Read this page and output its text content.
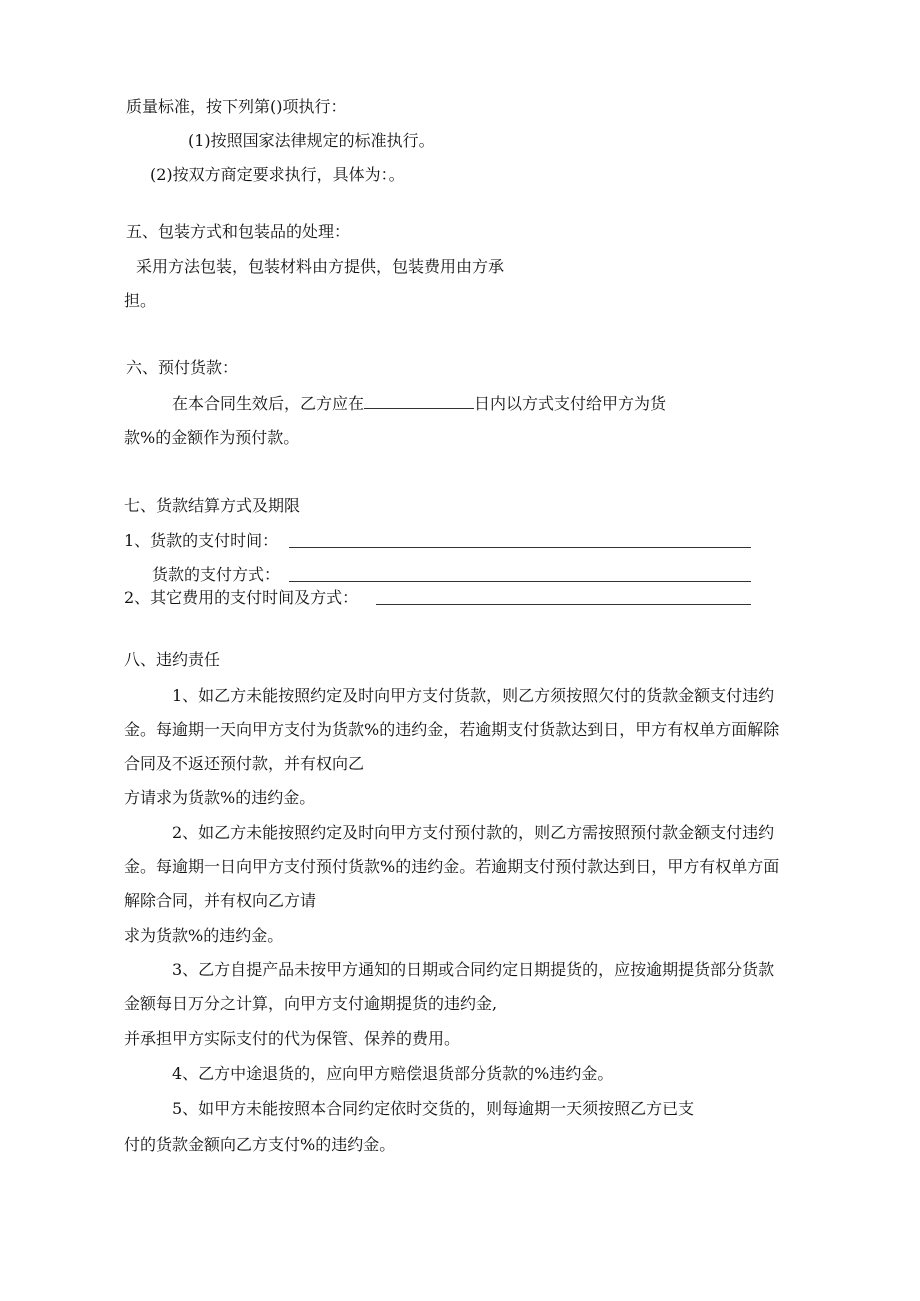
质量标准，按下列第()项执行：
(1)按照国家法律规定的标准执行。
(2)按双方商定要求执行，具体为：。
五、包装方式和包装品的处理：
采用方法包装，包装材料由方提供，包装费用由方承
担。
六、预付货款：
在本合同生效后，乙方应在	日内以方式支付给甲方为货
款%的金额作为预付款。
七、货款结算方式及期限
1、货款的支付时间：
货款的支付方式：
2、其它费用的支付时间及方式：
八、违约责任
1、如乙方未能按照约定及时向甲方支付货款，则乙方须按照欠付的货款金额支付违约
金。每逾期一天向甲方支付为货款%的违约金，若逾期支付货款达到日，甲方有权单方面解除
合同及不返还预付款，并有权向乙
方请求为货款%的违约金。
2、如乙方未能按照约定及时向甲方支付预付款的，则乙方需按照预付款金额支付违约
金。每逾期一日向甲方支付预付货款%的违约金。若逾期支付预付款达到日，甲方有权单方面
解除合同，并有权向乙方请
求为货款%的违约金。
3、乙方自提产品未按甲方通知的日期或合同约定日期提货的，应按逾期提货部分货款
金额每日万分之计算，向甲方支付逾期提货的违约金,
并承担甲方实际支付的代为保管、保养的费用。
4、乙方中途退货的，应向甲方赔偿退货部分货款的%违约金。
5、如甲方未能按照本合同约定依时交货的，则每逾期一天须按照乙方已支
付的货款金额向乙方支付%的违约金。
